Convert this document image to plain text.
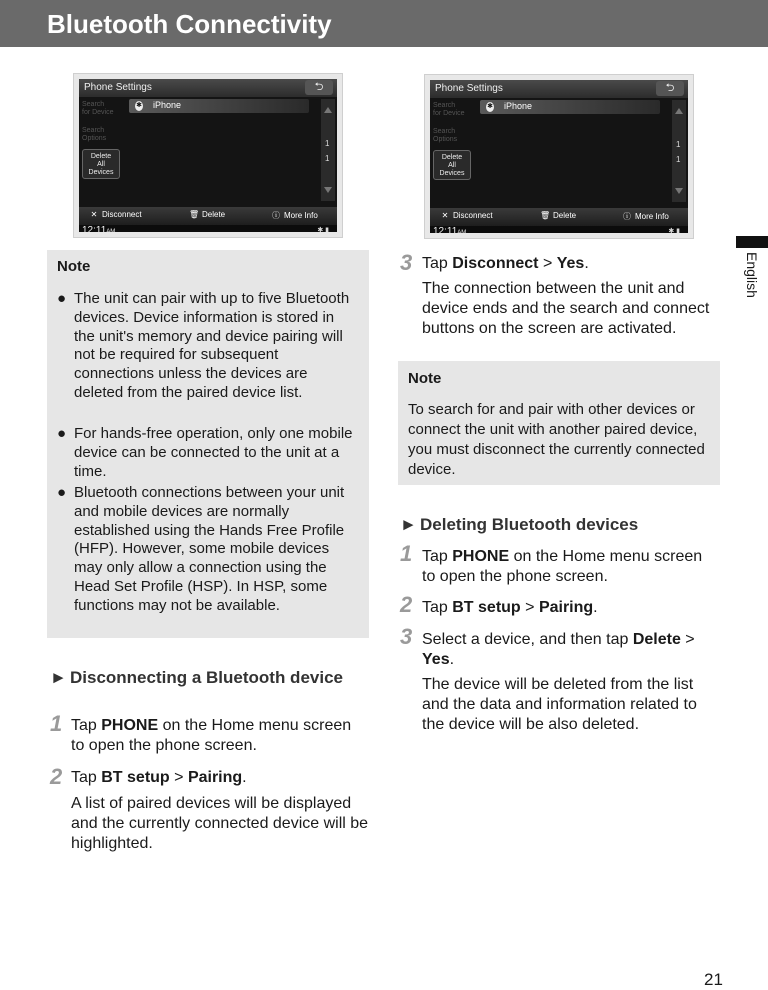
Bluetooth Connectivity
English
Phone Settings	⮌
Search
for Device
Search
Options
Delete
All
Devices
✱ iPhone
1
1
✕ Disconnect	🗑 Delete	ⓘ More Info
12:11AM	✱ ▮
Phone Settings	⮌
Search
for Device
Search
Options
Delete
All
Devices
✱ iPhone
1
1
✕ Disconnect	🗑 Delete	ⓘ More Info
12:11AM	✱ ▮
Note
● The unit can pair with up to five Bluetooth devices. Device information is stored in the unit's memory and device pairing will not be required for subsequent connections unless the devices are deleted from the paired device list.
● For hands-free operation, only one mobile device can be connected to the unit at a time.
● Bluetooth connections between your unit and mobile devices are normally established using the Hands Free Profile (HFP). However, some mobile devices may only allow a connection using the Head Set Profile (HSP). In HSP, some functions may not be available.
► Disconnecting a Bluetooth device
1 Tap PHONE on the Home menu screen to open the phone screen.
2 Tap BT setup > Pairing.
A list of paired devices will be displayed and the currently connected device will be highlighted.
3 Tap Disconnect > Yes.
The connection between the unit and device ends and the search and connect buttons on the screen are activated.
Note
To search for and pair with other devices or connect the unit with another paired device, you must disconnect the currently connected device.
► Deleting Bluetooth devices
1 Tap PHONE on the Home menu screen to open the phone screen.
2 Tap BT setup > Pairing.
3 Select a device, and then tap Delete > Yes.
The device will be deleted from the list and the data and information related to the device will be also deleted.
21
